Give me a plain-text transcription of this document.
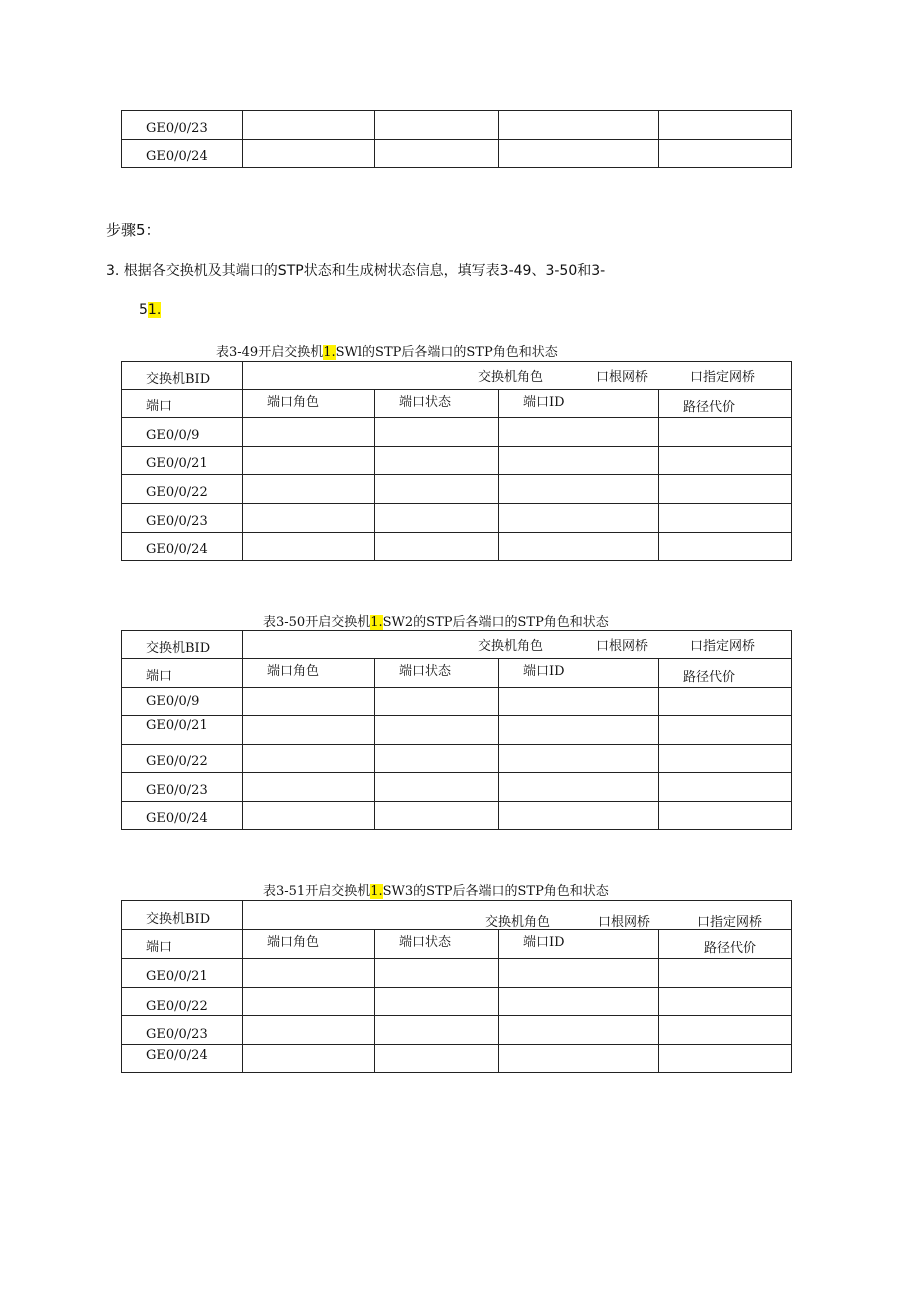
GE0/0/23				
GE0/0/24				
步骤5：
3. 根据各交换机及其端口的STP状态和生成树状态信息，填写表3-49、3-50和3-
51.
表3-49开启交换机1.SWl的STP后各端口的STP角色和状态
交换机BID	交换机角色 口根网桥 口指定网桥			

端口	端口角色	端口状态	端口ID	路径代价

GE0/0/9				
GE0/0/21				
GE0/0/22				
GE0/0/23				
GE0/0/24				
表3-50开启交换机1.SW2的STP后各端口的STP角色和状态
交换机BID	交换机角色 口根网桥 口指定网桥			

端口	端口角色	端口状态	端口ID	路径代价

GE0/0/9				
GE0/0/21				
GE0/0/22				
GE0/0/23				
GE0/0/24				
表3-51开启交换机1.SW3的STP后各端口的STP角色和状态
交换机BID	交换机角色 口根网桥 口指定网桥			

端口	端口角色	端口状态	端口ID	路径代价

GE0/0/21				
GE0/0/22				
GE0/0/23				
GE0/0/24				
